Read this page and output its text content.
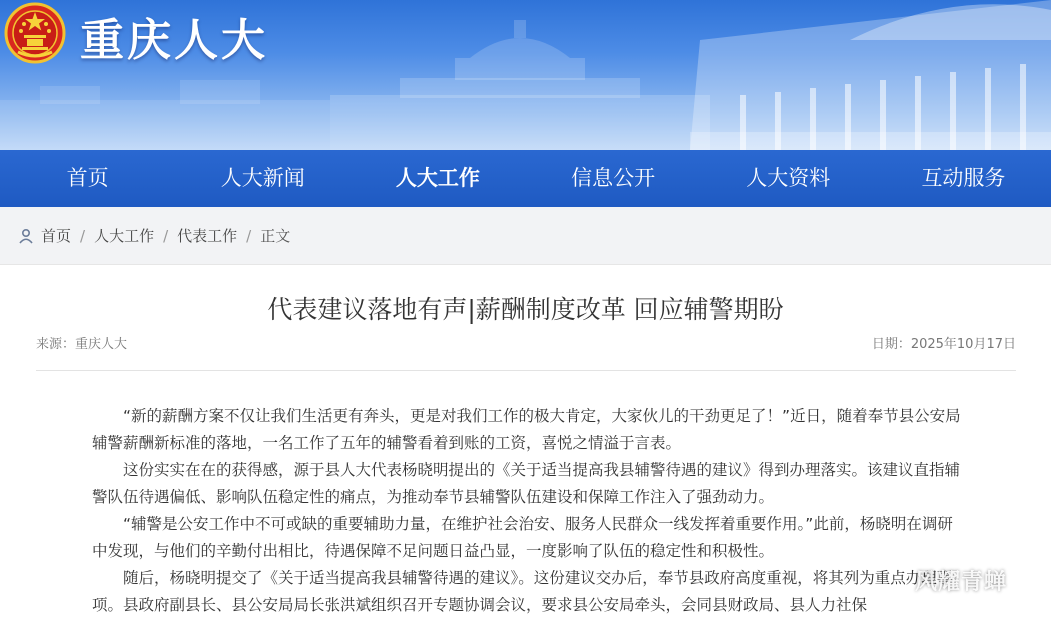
重庆人大
首页	人大新闻	人大工作	信息公开	人大资料	互动服务
首页 / 人大工作 / 代表工作 / 正文
代表建议落地有声|薪酬制度改革 回应辅警期盼
来源：重庆人大	日期：2025年10月17日

“新的薪酬方案不仅让我们生活更有奔头，更是对我们工作的极大肯定，大家伙儿的干劲更足了！”近日，随着奉节县公安局辅警薪酬新标准的落地，一名工作了五年的辅警看着到账的工资，喜悦之情溢于言表。

这份实实在在的获得感，源于县人大代表杨晓明提出的《关于适当提高我县辅警待遇的建议》得到办理落实。该建议直指辅警队伍待遇偏低、影响队伍稳定性的痛点，为推动奉节县辅警队伍建设和保障工作注入了强劲动力。

“辅警是公安工作中不可或缺的重要辅助力量，在维护社会治安、服务人民群众一线发挥着重要作用。”此前，杨晓明在调研中发现，与他们的辛勤付出相比，待遇保障不足问题日益凸显，一度影响了队伍的稳定性和积极性。

随后，杨晓明提交了《关于适当提高我县辅警待遇的建议》。这份建议交办后，奉节县政府高度重视，将其列为重点办理事项。县政府副县长、县公安局局长张洪斌组织召开专题协调会议，要求县公安局牵头，会同县财政局、县人力社保

风耀青蝉
